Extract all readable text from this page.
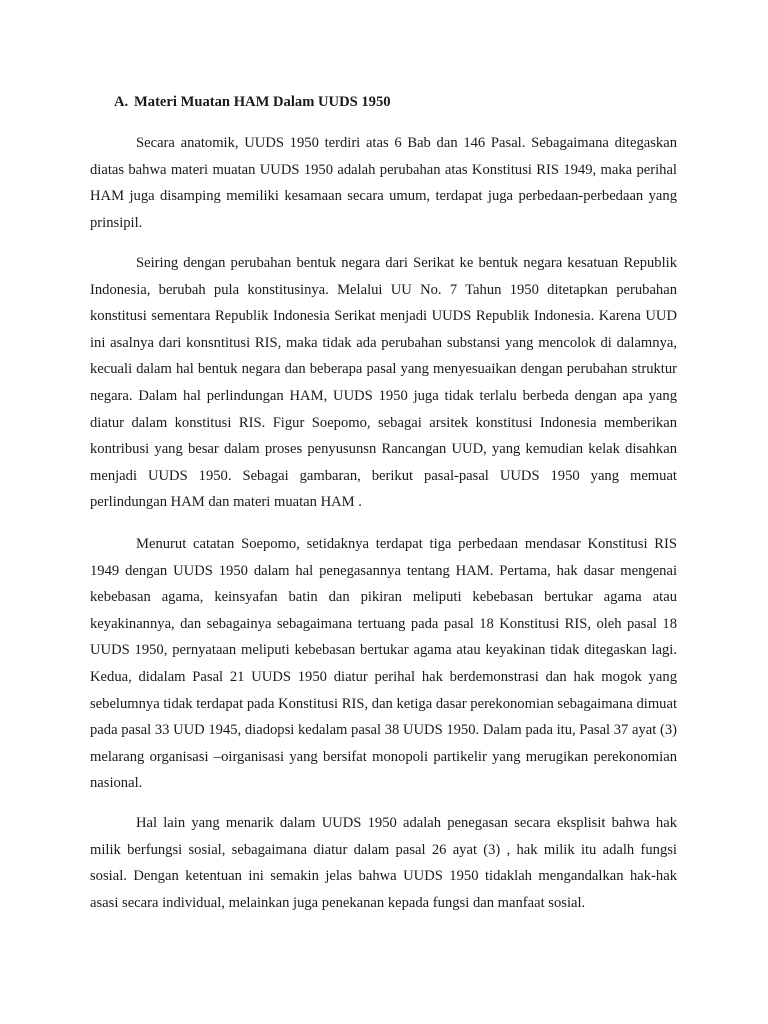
A. Materi Muatan HAM Dalam UUDS 1950

Secara anatomik, UUDS 1950 terdiri atas 6 Bab dan 146 Pasal. Sebagaimana ditegaskan diatas bahwa materi muatan UUDS 1950 adalah perubahan atas Konstitusi RIS 1949, maka perihal HAM juga disamping memiliki kesamaan secara umum, terdapat juga perbedaan-perbedaan yang prinsipil.

Seiring dengan perubahan bentuk negara dari Serikat ke bentuk negara kesatuan Republik Indonesia, berubah pula konstitusinya. Melalui UU No. 7 Tahun 1950 ditetapkan perubahan konstitusi sementara Republik Indonesia Serikat menjadi UUDS Republik Indonesia. Karena UUD ini asalnya dari konsntitusi RIS, maka tidak ada perubahan substansi yang mencolok di dalamnya, kecuali dalam hal bentuk negara dan beberapa pasal yang menyesuaikan dengan perubahan struktur negara. Dalam hal perlindungan HAM, UUDS 1950 juga tidak terlalu berbeda dengan apa yang diatur dalam konstitusi RIS. Figur Soepomo, sebagai arsitek konstitusi Indonesia memberikan kontribusi yang besar dalam proses penyusunsn Rancangan UUD, yang kemudian kelak disahkan menjadi UUDS 1950. Sebagai gambaran, berikut pasal-pasal UUDS 1950 yang memuat perlindungan HAM dan materi muatan HAM .

Menurut catatan Soepomo, setidaknya terdapat tiga perbedaan mendasar Konstitusi RIS 1949 dengan UUDS 1950 dalam hal penegasannya tentang HAM. Pertama, hak dasar mengenai kebebasan agama, keinsyafan batin dan pikiran meliputi kebebasan bertukar agama atau keyakinannya, dan sebagainya sebagaimana tertuang pada pasal 18 Konstitusi RIS, oleh pasal 18 UUDS 1950, pernyataan meliputi kebebasan bertukar agama atau keyakinan tidak ditegaskan lagi. Kedua, didalam Pasal 21 UUDS 1950 diatur perihal hak berdemonstrasi dan hak mogok yang sebelumnya tidak terdapat pada Konstitusi RIS, dan ketiga dasar perekonomian sebagaimana dimuat pada pasal 33 UUD 1945, diadopsi kedalam pasal 38 UUDS 1950. Dalam pada itu, Pasal 37 ayat (3) melarang organisasi –oirganisasi yang bersifat monopoli partikelir yang merugikan perekonomian nasional.

Hal lain yang menarik dalam UUDS 1950 adalah penegasan secara eksplisit bahwa hak milik berfungsi sosial, sebagaimana diatur dalam pasal 26 ayat (3) , hak milik itu adalh fungsi sosial. Dengan ketentuan ini semakin jelas bahwa UUDS 1950 tidaklah mengandalkan hak-hak asasi secara individual, melainkan juga penekanan kepada fungsi dan manfaat sosial.
